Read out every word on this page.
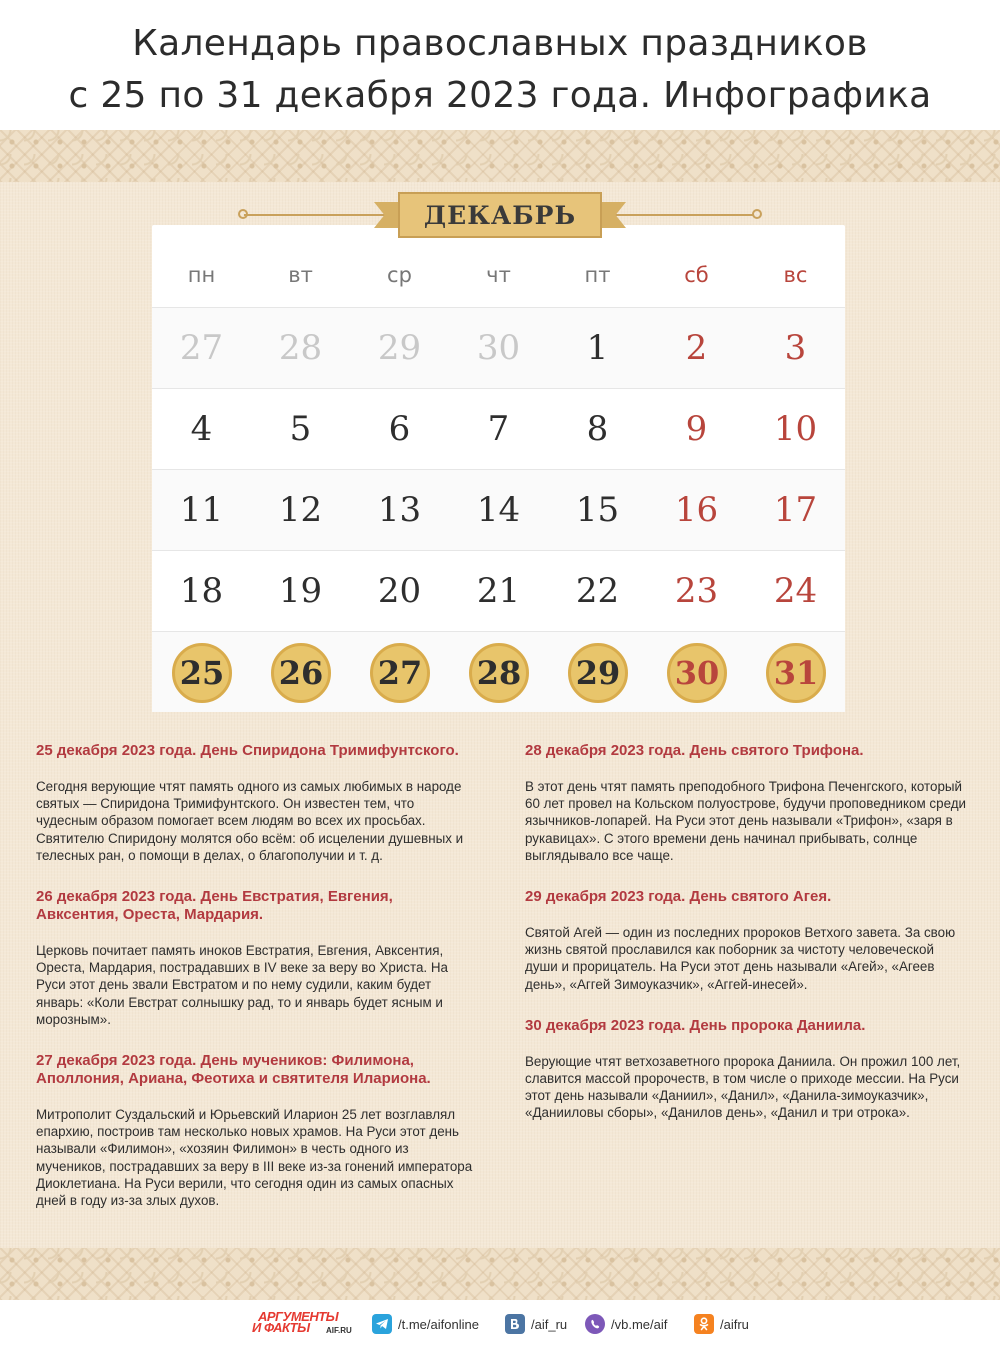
Календарь православных праздников
с 25 по 31 декабря 2023 года. Инфографика
пн	вт	ср	чт	пт	сб	вс
27	28	29	30	1	2	3
4	5	6	7	8	9	10
11	12	13	14	15	16	17
18	19	20	21	22	23	24
25 26 27 28 29 30 31
ДЕКАБРЬ
25 декабря 2023 года. День Спиридона Тримифунтского.

Сегодня верующие чтят память одного из самых любимых в народе святых — Спиридона Тримифунтского. Он известен тем, что чудесным образом помогает всем людям во всех их просьбах. Святителю Спиридону молятся обо всём: об исцелении душевных и телесных ран, о помощи в делах, о благополучии и т. д.

26 декабря 2023 года. День Евстратия, Евгения, Авксентия, Ореста, Мардария.

Церковь почитает память иноков Евстратия, Евгения, Авксентия, Ореста, Мардария, пострадавших в IV веке за веру во Христа. На Руси этот день звали Евстратом и по нему судили, каким будет январь: «Коли Евстрат солнышку рад, то и январь будет ясным и морозным».

27 декабря 2023 года. День мучеников: Филимона, Аполлония, Ариана, Феотиха и святителя Илариона.

Митрополит Суздальский и Юрьевский Иларион 25 лет возглавлял епархию, построив там несколько новых храмов. На Руси этот день называли «Филимон», «хозяин Филимон» в честь одного из мучеников, пострадавших за веру в III веке из-за гонений императора Диоклетиана. На Руси верили, что сегодня один из самых опасных дней в году из-за злых духов.

28 декабря 2023 года. День святого Трифона.

В этот день чтят память преподобного Трифона Печенгского, который 60 лет провел на Кольском полуострове, будучи проповедником среди язычников-лопарей. На Руси этот день называли «Трифон», «заря в рукавицах». С этого времени день начинал прибывать, солнце выглядывало все чаще.

29 декабря 2023 года. День святого Агея.

Святой Агей — один из последних пророков Ветхого завета. За свою жизнь святой прославился как поборник за чистоту человеческой души и прорицатель. На Руси этот день называли «Агей», «Агеев день», «Аггей Зимоуказчик», «Аггей-инесей».

30 декабря 2023 года. День пророка Даниила.

Верующие чтят ветхозаветного пророка Даниила. Он прожил 100 лет, славится массой пророчеств, в том числе о приходе мессии. На Руси этот день называли «Даниил», «Данил», «Данила-зимоуказчик», «Данииловы сборы», «Данилов день», «Данил и три отрока».

АРГУМЕНТЫ
И ФАКТЫ AIF.RU	/t.me/aifonline	/aif_ru	/vb.me/aif	/aifru
